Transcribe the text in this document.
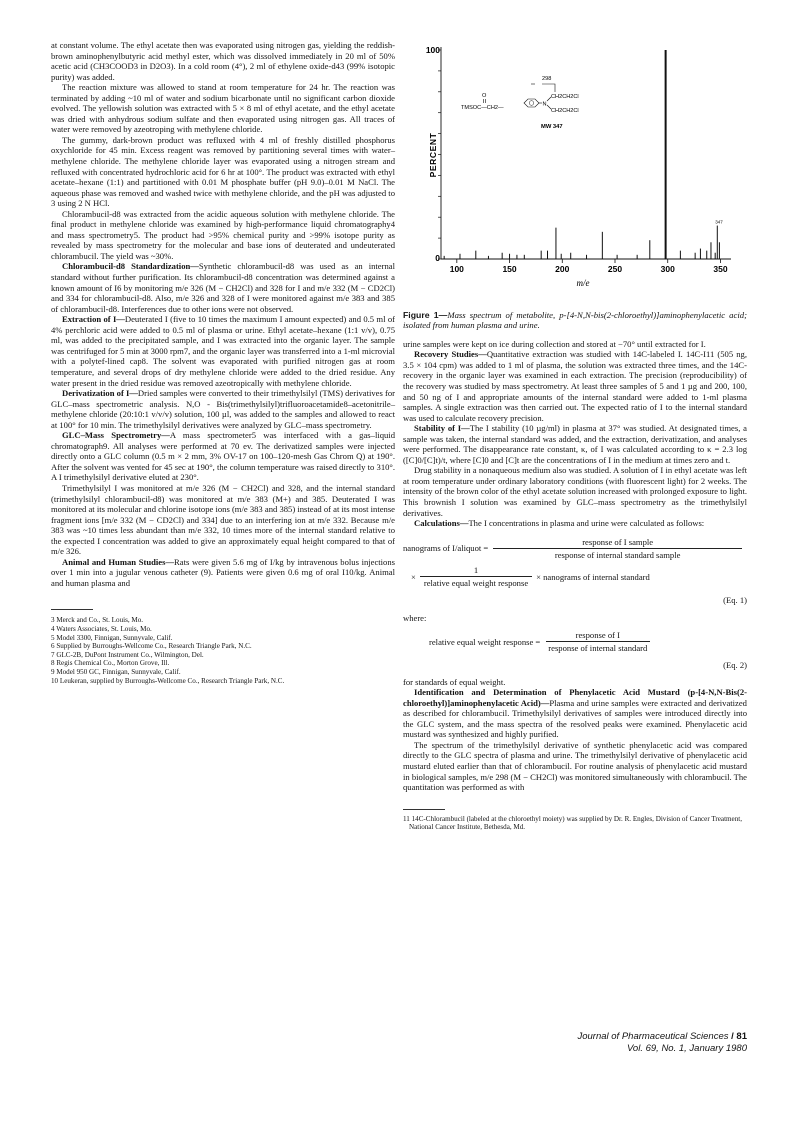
at constant volume. The ethyl acetate then was evaporated using nitrogen gas, yielding the reddish-brown aminophenylbutyric acid methyl ester, which was dissolved immediately in 20 ml of 50% acetic acid (CH3COOD3 in D2O3). In a cold room (4°), 2 ml of ethylene oxide-d43 (99% isotopic purity) was added.

The reaction mixture was allowed to stand at room temperature for 24 hr. The reaction was terminated by adding ~10 ml of water and sodium bicarbonate until no significant carbon dioxide evolved. The yellowish solution was extracted with 5 × 8 ml of ethyl acetate, and the ethyl acetate was dried with anhydrous sodium sulfate and then evaporated using nitrogen gas. All traces of water were removed by azeotroping with methylene chloride.

The gummy, dark-brown product was refluxed with 4 ml of freshly distilled phosphorus oxychloride for 45 min. Excess reagent was removed by partitioning several times with water–methylene chloride. The methylene chloride layer was evaporated using a nitrogen stream and refluxed with concentrated hydrochloric acid for 6 hr at 100°. The product was extracted with ethyl acetate–hexane (1:1) and partitioned with 0.01 M phosphate buffer (pH 9.0)–0.01 M NaCl. The aqueous phase was removed and washed twice with methylene chloride, and the pH was adjusted to 3 using 2 N HCl.

Chlorambucil-d8 was extracted from the acidic aqueous solution with methylene chloride. The final product in methylene chloride was examined by high-performance liquid chromatography4 and mass spectrometry5. The product had >95% chemical purity and >99% isotope purity as revealed by mass spectrometry for the molecular and base ions of deuterated and undeuterated chlorambucil. The yield was ~30%.

Chlorambucil-d8 Standardization—Synthetic chlorambucil-d8 was used as an internal standard without further purification. Its chlorambucil-d8 concentration was determined against a known amount of I6 by monitoring m/e 326 (M − CH2Cl) and 328 for I and m/e 332 (M − CD2Cl) and 334 for chlorambucil-d8. Also, m/e 326 and 328 of I were monitored against m/e 383 and 385 of chlorambucil-d8. Interferences due to other ions were not observed.

Extraction of I—Deuterated I (five to 10 times the maximum I amount expected) and 0.5 ml of 4% perchloric acid were added to 0.5 ml of plasma or urine. Ethyl acetate–hexane (1:1 v/v), 0.75 ml, was added to the precipitated sample, and I was extracted into the organic layer. The sample was centrifuged for 5 min at 3000 rpm7, and the organic layer was transferred into a 1-ml microvial with a polytef-lined cap8. The solvent was evaporated with purified nitrogen gas at room temperature, and several drops of dry methylene chloride were added to the dried residue. Any water present in the dried residue was removed azeotropically with methylene chloride.

Derivatization of I—Dried samples were converted to their trimethylsilyl (TMS) derivatives for GLC–mass spectrometric analysis. N,O - Bis(trimethylsilyl)trifluoroacetamide8–acetonitrile–methylene chloride (20:10:1 v/v/v) solution, 100 µl, was added to the samples and allowed to react at 100° for 10 min. The trimethylsilyl derivatives were analyzed by GLC–mass spectrometry.

GLC–Mass Spectrometry—A mass spectrometer5 was interfaced with a gas–liquid chromatograph9. All analyses were performed at 70 ev. The derivatized samples were injected directly onto a GLC column (0.5 m × 2 mm, 3% OV-17 on 100–120-mesh Gas Chrom Q) at 190°. After the solvent was vented for 45 sec at 190°, the column temperature was raised directly to 310°. A I trimethylsilyl derivative eluted at 230°.

Trimethylsilyl I was monitored at m/e 326 (M − CH2Cl) and 328, and the internal standard (trimethylsilyl chlorambucil-d8) was monitored at m/e 383 (M+) and 385. Deuterated I was monitored at its molecular and chlorine isotope ions (m/e 383 and 385) instead of at its most intense fragment ions [m/e 332 (M − CD2Cl) and 334] due to an interfering ion at m/e 332. Because m/e 383 was ~10 times less abundant than m/e 332, 10 times more of the internal standard relative to the expected I concentration was added to give an approximately equal height compared to that of m/e 326.

Animal and Human Studies—Rats were given 5.6 mg of I/kg by intravenous bolus injections over 1 min into a jugular venous catheter (9). Patients were given 0.6 mg of oral I10/kg. Animal and human plasma and

3 Merck and Co., St. Louis, Mo.

4 Waters Associates, St. Louis, Mo.

5 Model 3300, Finnigan, Sunnyvale, Calif.

6 Supplied by Burroughs-Wellcome Co., Research Triangle Park, N.C.

7 GLC-2B, DuPont Instrument Co., Wilmington, Del.

8 Regis Chemical Co., Morton Grove, Ill.

9 Model 950 GC, Finnigan, Sunnyvale, Calif.

10 Leukeran, supplied by Burroughs-Wellcome Co., Research Triangle Park, N.C.

100
0
PERCENT
100	150	200	250	300	350
m/e
O
TMSOC—CH2—
N
CH2CH2Cl
CH2CH2Cl
298
MW 347
347

Figure 1—Mass spectrum of metabolite, p-[4-N,N-bis(2-chloroethyl)]aminophenylacetic acid; isolated from human plasma and urine.

urine samples were kept on ice during collection and stored at −70° until extracted for I.

Recovery Studies—Quantitative extraction was studied with 14C-labeled I. 14C-I11 (505 ng, 3.5 × 104 cpm) was added to 1 ml of plasma, the solution was extracted three times, and the 14C-recovery in the organic layer was examined in each extraction. The precision (reproducibility) of the recovery was studied by mass spectrometry. At least three samples of 5 and 1 µg and 200, 100, and 50 ng of I and appropriate amounts of the internal standard were added to 1-ml plasma samples. A single extraction was then carried out. The expected ratio of I to the internal standard was used to calculate recovery precision.

Stability of I—The I stability (10 µg/ml) in plasma at 37° was studied. At designated times, a sample was taken, the internal standard was added, and the extraction, derivatization, and analyses were performed. The disappearance rate constant, κ, of I was calculated according to κ = 2.3 log ([C]0/[C]t)/t, where [C]0 and [C]t are the concentrations of I in the medium at times zero and t.

Drug stability in a nonaqueous medium also was studied. A solution of I in ethyl acetate was left at room temperature under ordinary laboratory conditions (with fluorescent light) for 2 weeks. The intensity of the brown color of the ethyl acetate solution increased with prolonged exposure to light. This brownish I solution was examined by GLC–mass spectrometry as the trimethylsilyl derivatives.

Calculations—The I concentrations in plasma and urine were calculated as follows:

nanograms of I/aliquot = $\frac{\text{response of I sample}}{\text{response of internal standard sample}}$
× $\frac{1}{\text{relative equal weight response}}$ × nanograms of internal standard
(Eq. 1)
where:
relative equal weight response = $\frac{\text{response of I}}{\text{response of internal standard}}$
(Eq. 2)

for standards of equal weight.

Identification and Determination of Phenylacetic Acid Mustard (p-[4-N,N-Bis(2-chloroethyl)]aminophenylacetic Acid)—Plasma and urine samples were extracted and derivatized as described for chlorambucil. Trimethylsilyl derivatives of samples were introduced directly into the GLC system, and the mass spectra of the resolved peaks were examined. Phenylacetic acid mustard was synthesized and highly purified.

The spectrum of the trimethylsilyl derivative of synthetic phenylacetic acid was compared directly to the GLC spectra of plasma and urine. The trimethylsilyl derivative of phenylacetic acid mustard eluted earlier than that of chlorambucil. For routine analysis of phenylacetic acid mustard in biological samples, m/e 298 (M − CH2Cl) was monitored simultaneously with chlorambucil. The quantitation was performed as with

11 14C-Chlorambucil (labeled at the chloroethyl moiety) was supplied by Dr. R. Engles, Division of Cancer Treatment, National Cancer Institute, Bethesda, Md.

Journal of Pharmaceutical Sciences / 81
Vol. 69, No. 1, January 1980
